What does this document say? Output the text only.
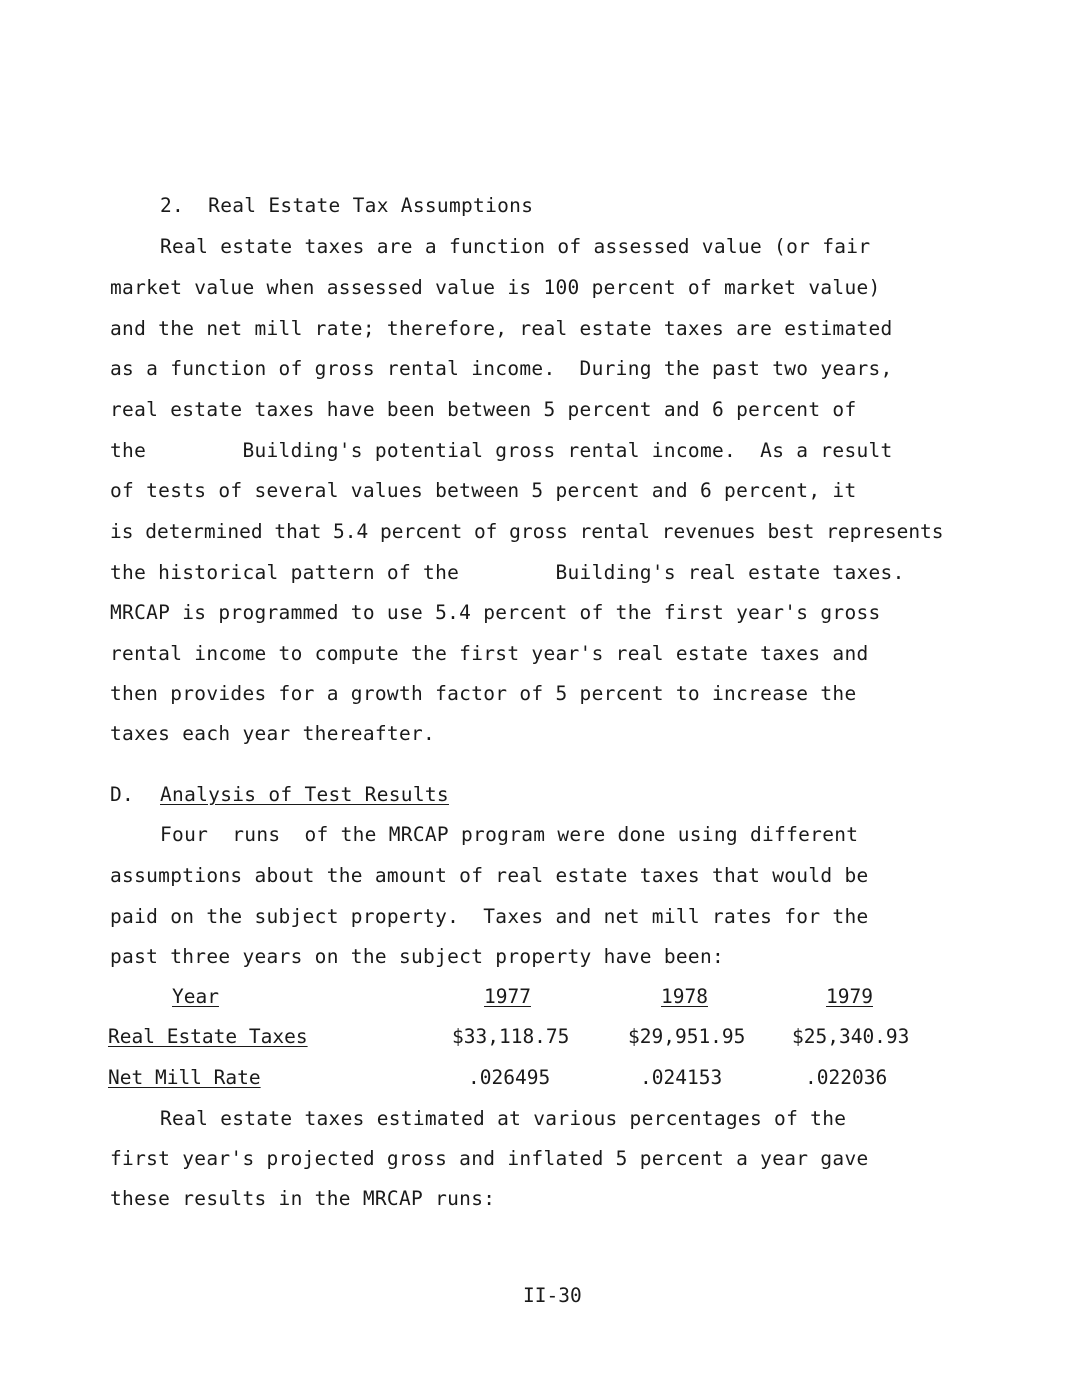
2.  Real Estate Tax Assumptions
Real estate taxes are a function of assessed value (or fair
market value when assessed value is 100 percent of market value)
and the net mill rate; therefore, real estate taxes are estimated
as a function of gross rental income.  During the past two years,
real estate taxes have been between 5 percent and 6 percent of
the        Building's potential gross rental income.  As a result
of tests of several values between 5 percent and 6 percent, it
is determined that 5.4 percent of gross rental revenues best represents
the historical pattern of the        Building's real estate taxes.
MRCAP is programmed to use 5.4 percent of the first year's gross
rental income to compute the first year's real estate taxes and
then provides for a growth factor of 5 percent to increase the
taxes each year thereafter.
D. Analysis of Test Results
Four  runs  of the MRCAP program were done using different
assumptions about the amount of real estate taxes that would be
paid on the subject property.  Taxes and net mill rates for the
past three years on the subject property have been:
Year	1977	1978	1979
Real Estate Taxes	$33,118.75	$29,951.95 $25,340.93
Net Mill Rate	.026495	.024153	.022036
Real estate taxes estimated at various percentages of the
first year's projected gross and inflated 5 percent a year gave
these results in the MRCAP runs:
II-30
